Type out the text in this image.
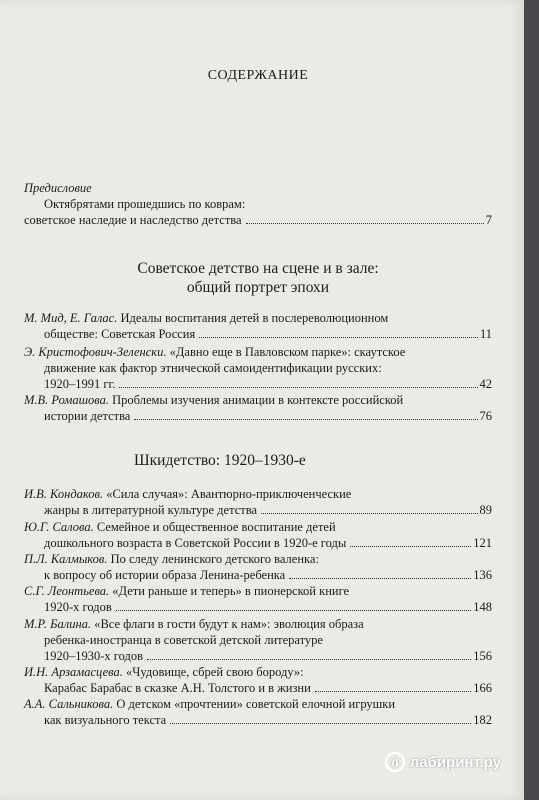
СОДЕРЖАНИЕ
Предисловие
Октябрятами прошедшись по коврам:
советское наследие и наследство детства	7
Советское детство на сцене и в зале:
общий портрет эпохи
М. Мид, Е. Галас. Идеалы воспитания детей в послереволюционном
обществе: Советская Россия	11
Э. Кристофович-Зеленски. «Давно еще в Павловском парке»: скаутское
движение как фактор этнической самоидентификации русских:
1920–1991 гг.	42
М.В. Ромашова. Проблемы изучения анимации в контексте российской
истории детства	76
Шкидетство: 1920–1930-е
И.В. Кондаков. «Сила случая»: Авантюрно-приключенческие
жанры в литературной культуре детства	89
Ю.Г. Салова. Семейное и общественное воспитание детей
дошкольного возраста в Советской России в 1920-е годы	121
П.Л. Калмыков. По следу ленинского детского валенка:
к вопросу об истории образа Ленина-ребенка	136
С.Г. Леонтьева. «Дети раньше и теперь» в пионерской книге
1920-х годов	148
М.Р. Балина. «Все флаги в гости будут к нам»: эволюция образа
ребенка-иностранца в советской детской литературе
1920–1930-х годов	156
И.Н. Арзамасцева. «Чудовище, сбрей свою бороду»:
Карабас Барабас в сказке А.Н. Толстого и в жизни	166
А.А. Сальникова. О детском «прочтении» советской елочной игрушки
как визуального текста	182
л лабиринт.ру
